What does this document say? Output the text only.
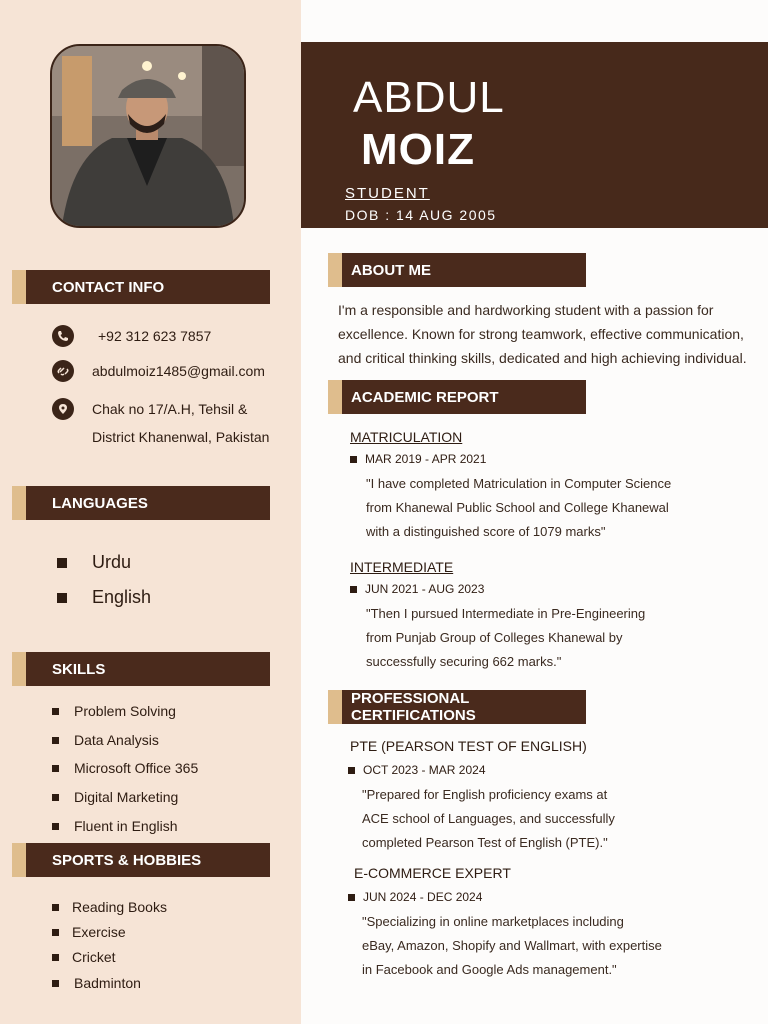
ABDUL
MOIZ
STUDENT
DOB : 14 AUG 2005
CONTACT INFO
+92 312 623 7857
abdulmoiz1485@gmail.com
Chak no 17/A.H, Tehsil &
District Khanenwal, Pakistan
LANGUAGES
Urdu
English
SKILLS
Problem Solving
Data Analysis
Microsoft Office 365
Digital Marketing
Fluent in English
SPORTS & HOBBIES
Reading Books
Exercise
Cricket
Badminton
ABOUT ME
I'm a responsible and hardworking student with a passion for excellence. Known for strong teamwork, effective communication, and critical thinking skills, dedicated and high achieving individual.
ACADEMIC REPORT
MATRICULATION
MAR 2019 - APR 2021
"I have completed Matriculation in Computer Science
from Khanewal Public School and College Khanewal
with a distinguished score of 1079 marks"
INTERMEDIATE
JUN 2021 - AUG 2023
"Then I pursued Intermediate in Pre-Engineering
from Punjab Group of Colleges Khanewal by
successfully securing 662 marks."
PROFESSIONAL CERTIFICATIONS
PTE (PEARSON TEST OF ENGLISH)
OCT 2023 - MAR 2024
"Prepared for English proficiency exams at
ACE school of Languages, and successfully
completed Pearson Test of English (PTE)."
E-COMMERCE EXPERT
JUN 2024 - DEC 2024
"Specializing in online marketplaces including
eBay, Amazon, Shopify and Wallmart, with expertise
in Facebook and Google Ads management."
